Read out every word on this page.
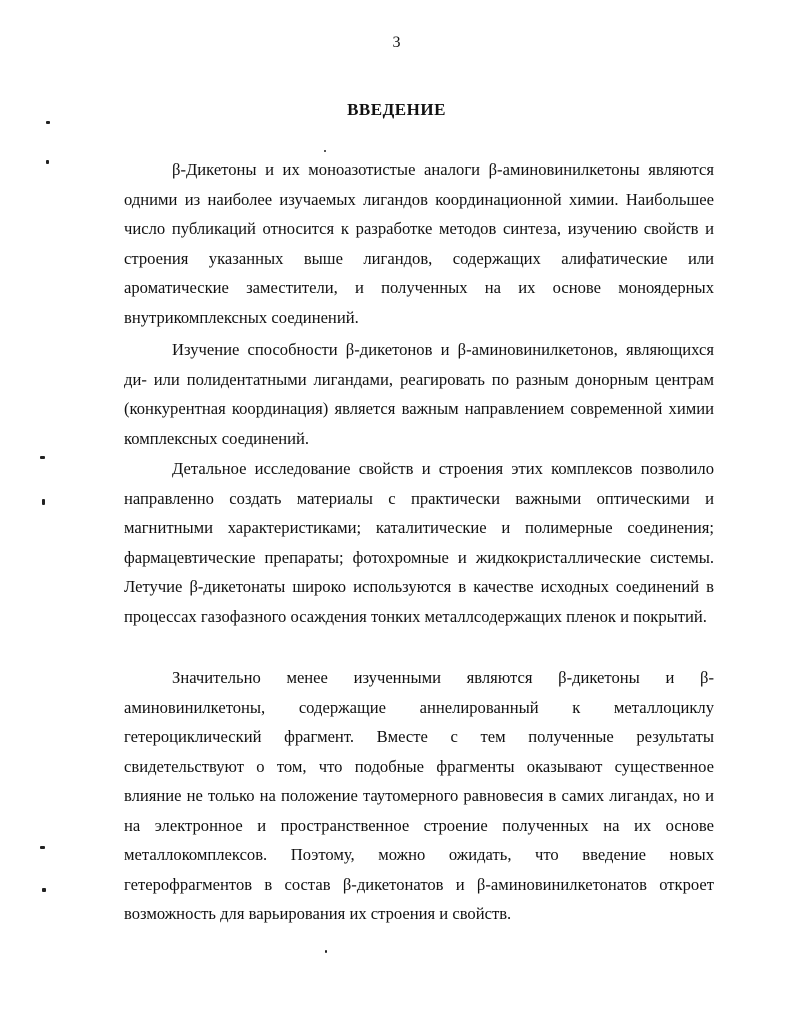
3
ВВЕДЕНИЕ

β-Дикетоны и их моноазотистые аналоги β-аминовинилкетоны являются одними из наиболее изучаемых лигандов координационной химии. Наибольшее число публикаций относится к разработке методов синтеза, изучению свойств и строения указанных выше лигандов, содержащих алифатические или ароматические заместители, и полученных на их основе моноядерных внутрикомплексных соединений.

Изучение способности β-дикетонов и β-аминовинилкетонов, являющихся ди- или полидентатными лигандами, реагировать по разным донорным центрам (конкурентная координация) является важным направлением современной химии комплексных соединений.

Детальное исследование свойств и строения этих комплексов позволило направленно создать материалы с практически важными оптическими и магнитными характеристиками; каталитические и полимерные соединения; фармацевтические препараты; фотохромные и жидкокристаллические системы. Летучие β-дикетонаты широко используются в качестве исходных соединений в процессах газофазного осаждения тонких металлсодержащих пленок и покрытий.

Значительно менее изученными являются β-дикетоны и β-аминовинилкетоны, содержащие аннелированный к металлоциклу гетероциклический фрагмент. Вместе с тем полученные результаты свидетельствуют о том, что подобные фрагменты оказывают существенное влияние не только на положение таутомерного равновесия в самих лигандах, но и на электронное и пространственное строение полученных на их основе металлокомплексов. Поэтому, можно ожидать, что введение новых гетерофрагментов в состав β-дикетонатов и β-аминовинилкетонатов откроет возможность для варьирования их строения и свойств.
